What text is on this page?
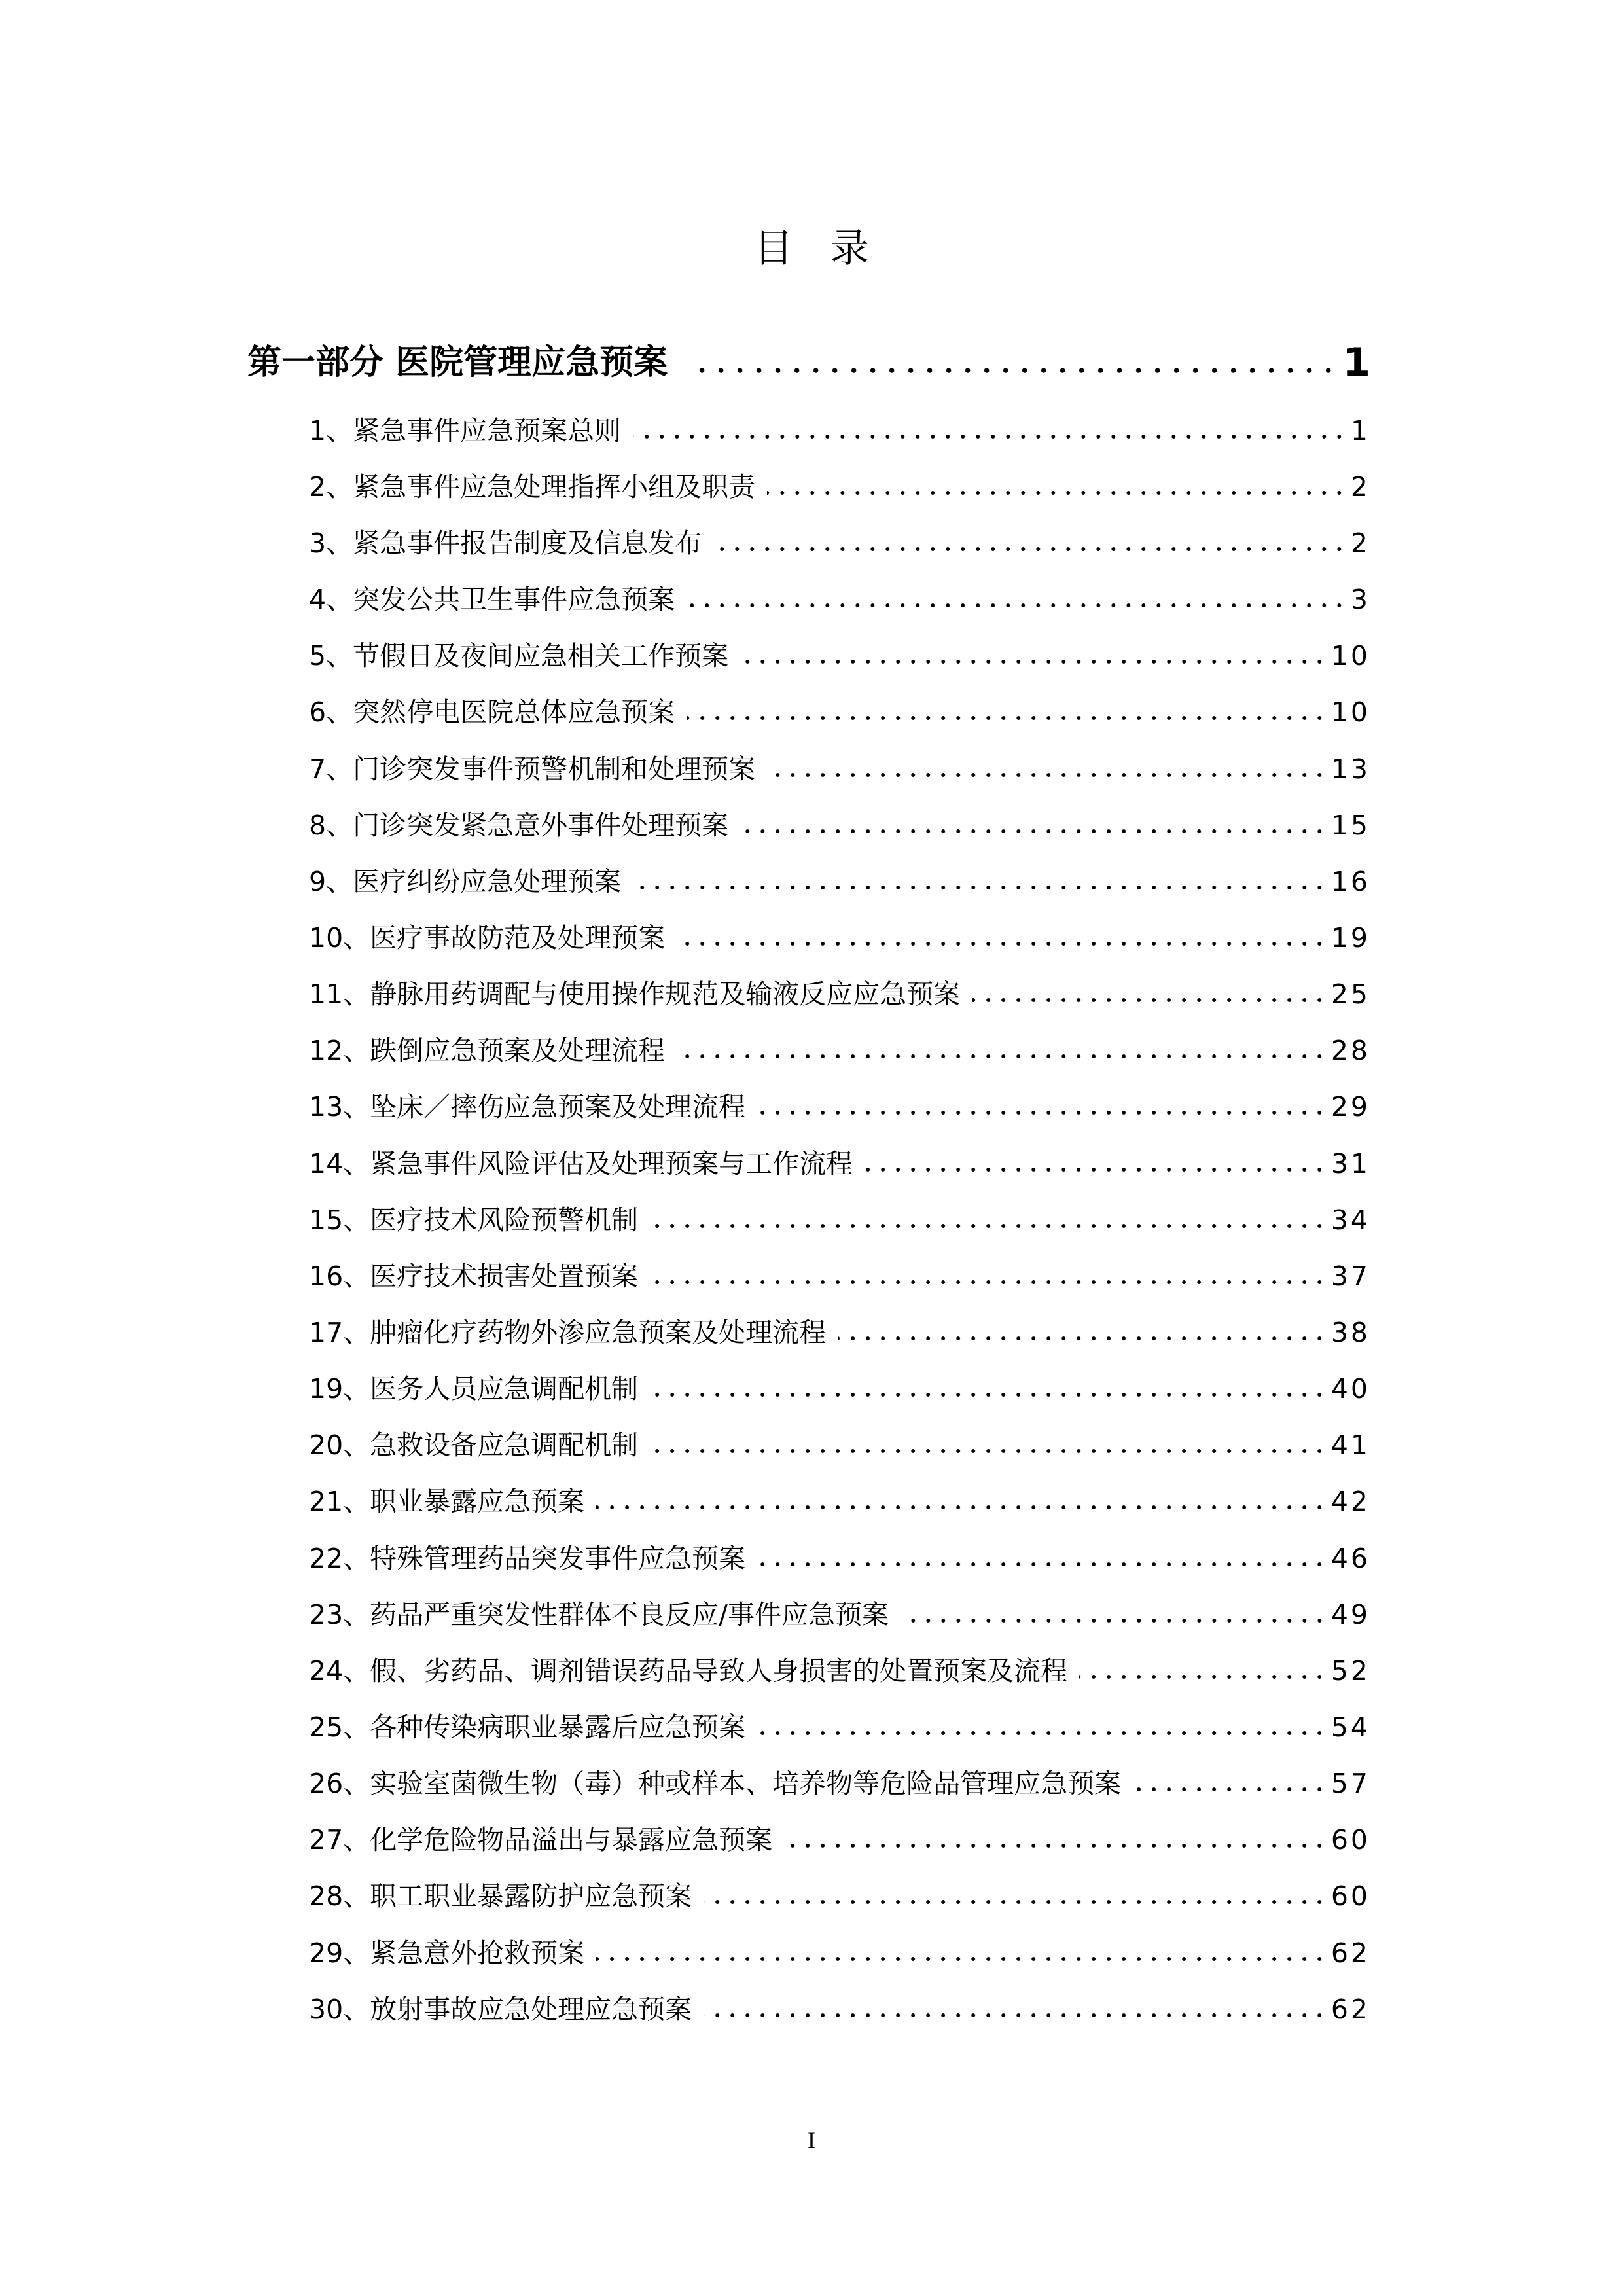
目录
第一部分 医院管理应急预案	1
1、紧急事件应急预案总则	1
2、紧急事件应急处理指挥小组及职责	2
3、紧急事件报告制度及信息发布	2
4、突发公共卫生事件应急预案	3
5、节假日及夜间应急相关工作预案	10
6、突然停电医院总体应急预案	10
7、门诊突发事件预警机制和处理预案	13
8、门诊突发紧急意外事件处理预案	15
9、医疗纠纷应急处理预案	16
10、医疗事故防范及处理预案	19
11、静脉用药调配与使用操作规范及输液反应应急预案	25
12、跌倒应急预案及处理流程	28
13、坠床／摔伤应急预案及处理流程	29
14、紧急事件风险评估及处理预案与工作流程	31
15、医疗技术风险预警机制	34
16、医疗技术损害处置预案	37
17、肿瘤化疗药物外渗应急预案及处理流程	38
19、医务人员应急调配机制	40
20、急救设备应急调配机制	41
21、职业暴露应急预案	42
22、特殊管理药品突发事件应急预案	46
23、药品严重突发性群体不良反应/事件应急预案	49
24、假、劣药品、调剂错误药品导致人身损害的处置预案及流程	52
25、各种传染病职业暴露后应急预案	54
26、实验室菌微生物（毒）种或样本、培养物等危险品管理应急预案	57
27、化学危险物品溢出与暴露应急预案	60
28、职工职业暴露防护应急预案	60
29、紧急意外抢救预案	62
30、放射事故应急处理应急预案	62
I
